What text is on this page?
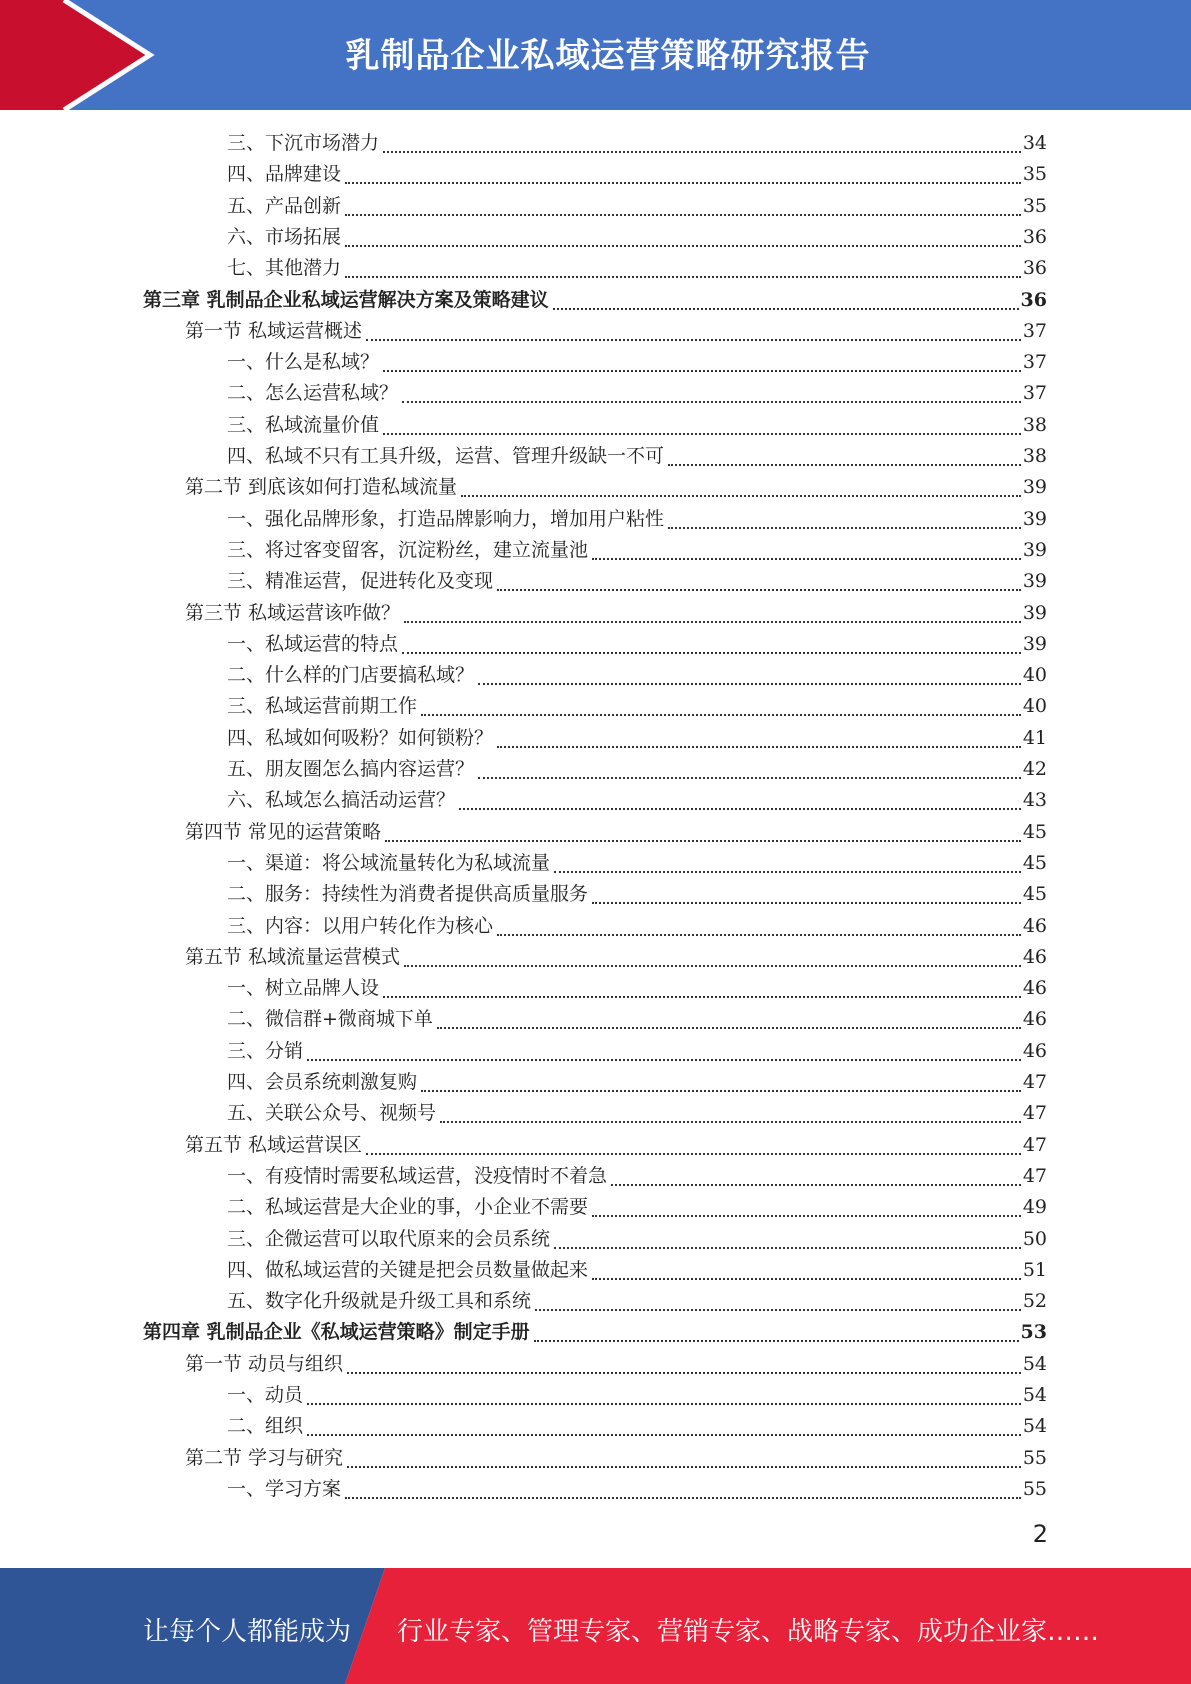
乳制品企业私域运营策略研究报告
三、下沉市场潜力	34
四、品牌建设	35
五、产品创新	35
六、市场拓展	36
七、其他潜力	36
第三章 乳制品企业私域运营解决方案及策略建议	36
第一节 私域运营概述	37
一、什么是私域？	37
二、怎么运营私域？	37
三、私域流量价值	38
四、私域不只有工具升级，运营、管理升级缺一不可	38
第二节 到底该如何打造私域流量	39
一、强化品牌形象，打造品牌影响力，增加用户粘性	39
三、将过客变留客，沉淀粉丝，建立流量池	39
三、精准运营，促进转化及变现	39
第三节 私域运营该咋做？	39
一、私域运营的特点	39
二、什么样的门店要搞私域？	40
三、私域运营前期工作	40
四、私域如何吸粉？如何锁粉？	41
五、朋友圈怎么搞内容运营？	42
六、私域怎么搞活动运营？	43
第四节 常见的运营策略	45
一、渠道：将公域流量转化为私域流量	45
二、服务：持续性为消费者提供高质量服务	45
三、内容：以用户转化作为核心	46
第五节 私域流量运营模式	46
一、树立品牌人设	46
二、微信群+微商城下单	46
三、分销	46
四、会员系统刺激复购	47
五、关联公众号、视频号	47
第五节 私域运营误区	47
一、有疫情时需要私域运营，没疫情时不着急	47
二、私域运营是大企业的事，小企业不需要	49
三、企微运营可以取代原来的会员系统	50
四、做私域运营的关键是把会员数量做起来	51
五、数字化升级就是升级工具和系统	52
第四章 乳制品企业《私域运营策略》制定手册	53
第一节 动员与组织	54
一、动员	54
二、组织	54
第二节 学习与研究	55
一、学习方案	55
2
让每个人都能成为 行业专家、管理专家、营销专家、战略专家、成功企业家……
